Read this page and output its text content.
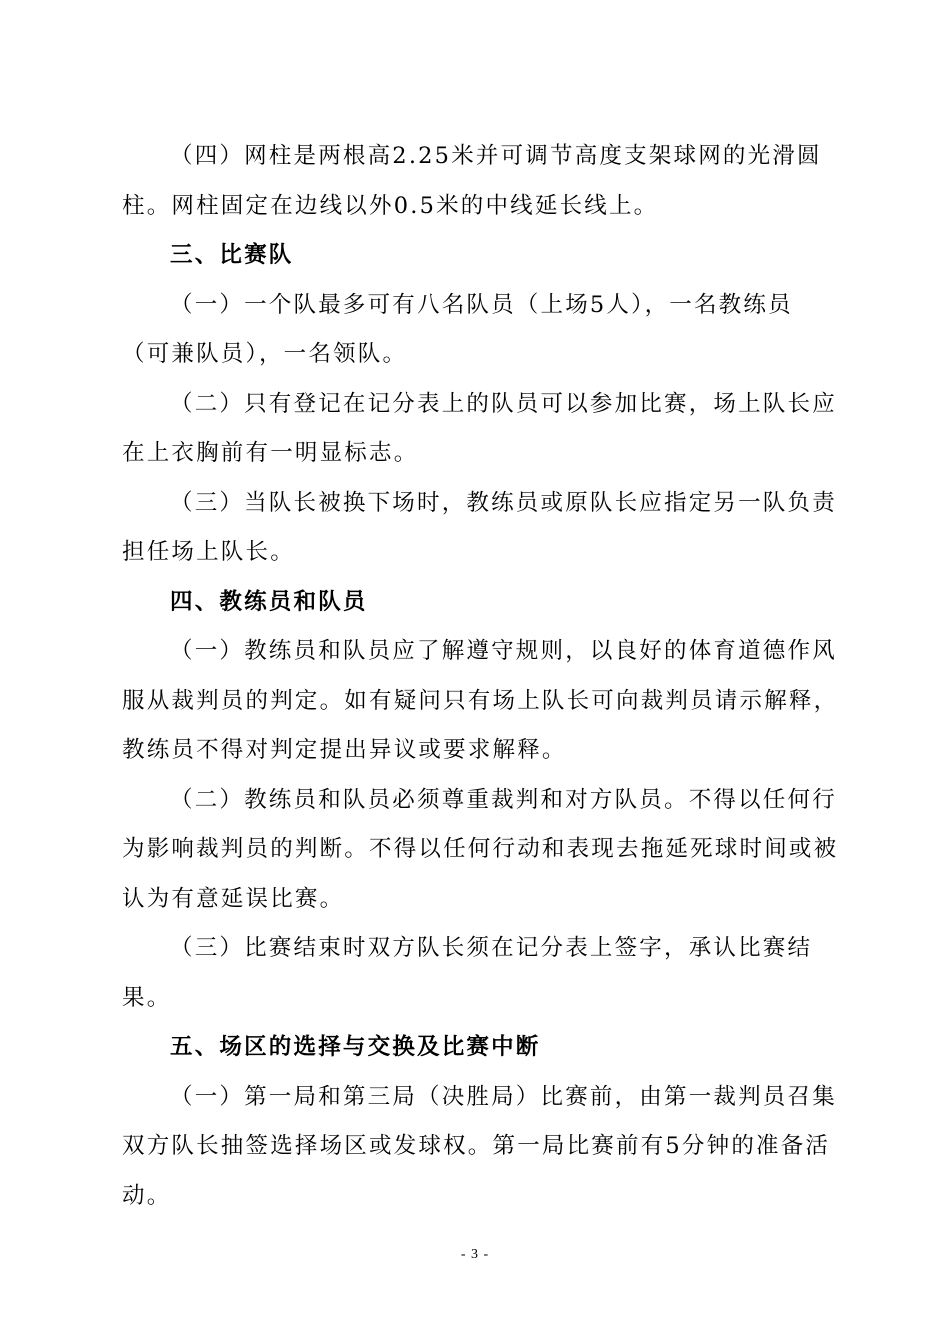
（四）网柱是两根高2.25米并可调节高度支架球网的光滑圆
柱。网柱固定在边线以外0.5米的中线延长线上。

三、比赛队

（一）一个队最多可有八名队员（上场5人），一名教练员
（可兼队员），一名领队。

（二）只有登记在记分表上的队员可以参加比赛，场上队长应
在上衣胸前有一明显标志。

（三）当队长被换下场时，教练员或原队长应指定另一队负责
担任场上队长。

四、教练员和队员

（一）教练员和队员应了解遵守规则，以良好的体育道德作风
服从裁判员的判定。如有疑问只有场上队长可向裁判员请示解释，
教练员不得对判定提出异议或要求解释。

（二）教练员和队员必须尊重裁判和对方队员。不得以任何行
为影响裁判员的判断。不得以任何行动和表现去拖延死球时间或被
认为有意延误比赛。

（三）比赛结束时双方队长须在记分表上签字，承认比赛结
果。

五、场区的选择与交换及比赛中断

（一）第一局和第三局（决胜局）比赛前，由第一裁判员召集
双方队长抽签选择场区或发球权。第一局比赛前有5分钟的准备活
动。

- 3 -
